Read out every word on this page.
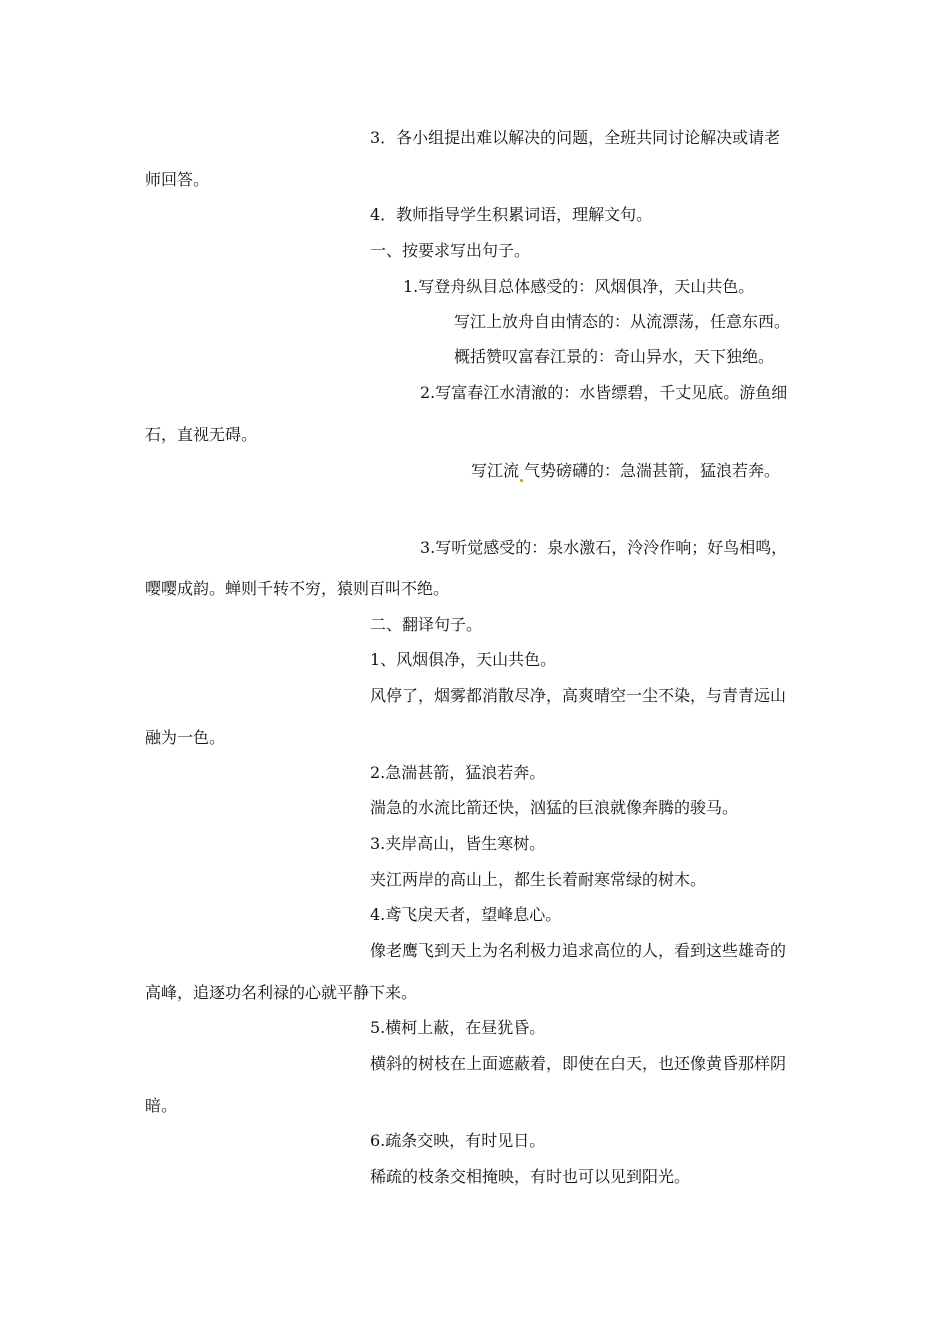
3．各小组提出难以解决的问题，全班共同讨论解决或请老
师回答。
4．教师指导学生积累词语，理解文句。
一、按要求写出句子。
1.写登舟纵目总体感受的：风烟俱净，天山共色。
写江上放舟自由情态的：从流漂荡，任意东西。
概括赞叹富春江景的：奇山异水，天下独绝。
2.写富春江水清澈的：水皆缥碧，千丈见底。游鱼细
石，直视无碍。
写江流 气势磅礴的：急湍甚箭，猛浪若奔。
3.写听觉感受的：泉水激石，泠泠作响；好鸟相鸣，
嘤嘤成韵。蝉则千转不穷，猿则百叫不绝。
二、翻译句子。
1、风烟俱净，天山共色。
风停了，烟雾都消散尽净，高爽晴空一尘不染，与青青远山
融为一色。
2.急湍甚箭，猛浪若奔。
湍急的水流比箭还快，汹猛的巨浪就像奔腾的骏马。
3.夹岸高山，皆生寒树。
夹江两岸的高山上，都生长着耐寒常绿的树木。
4.鸢飞戾天者，望峰息心。
像老鹰飞到天上为名利极力追求高位的人，看到这些雄奇的
高峰，追逐功名利禄的心就平静下来。
5.横柯上蔽，在昼犹昏。
横斜的树枝在上面遮蔽着，即使在白天，也还像黄昏那样阴
暗。
6.疏条交映，有时见日。
稀疏的枝条交相掩映，有时也可以见到阳光。
